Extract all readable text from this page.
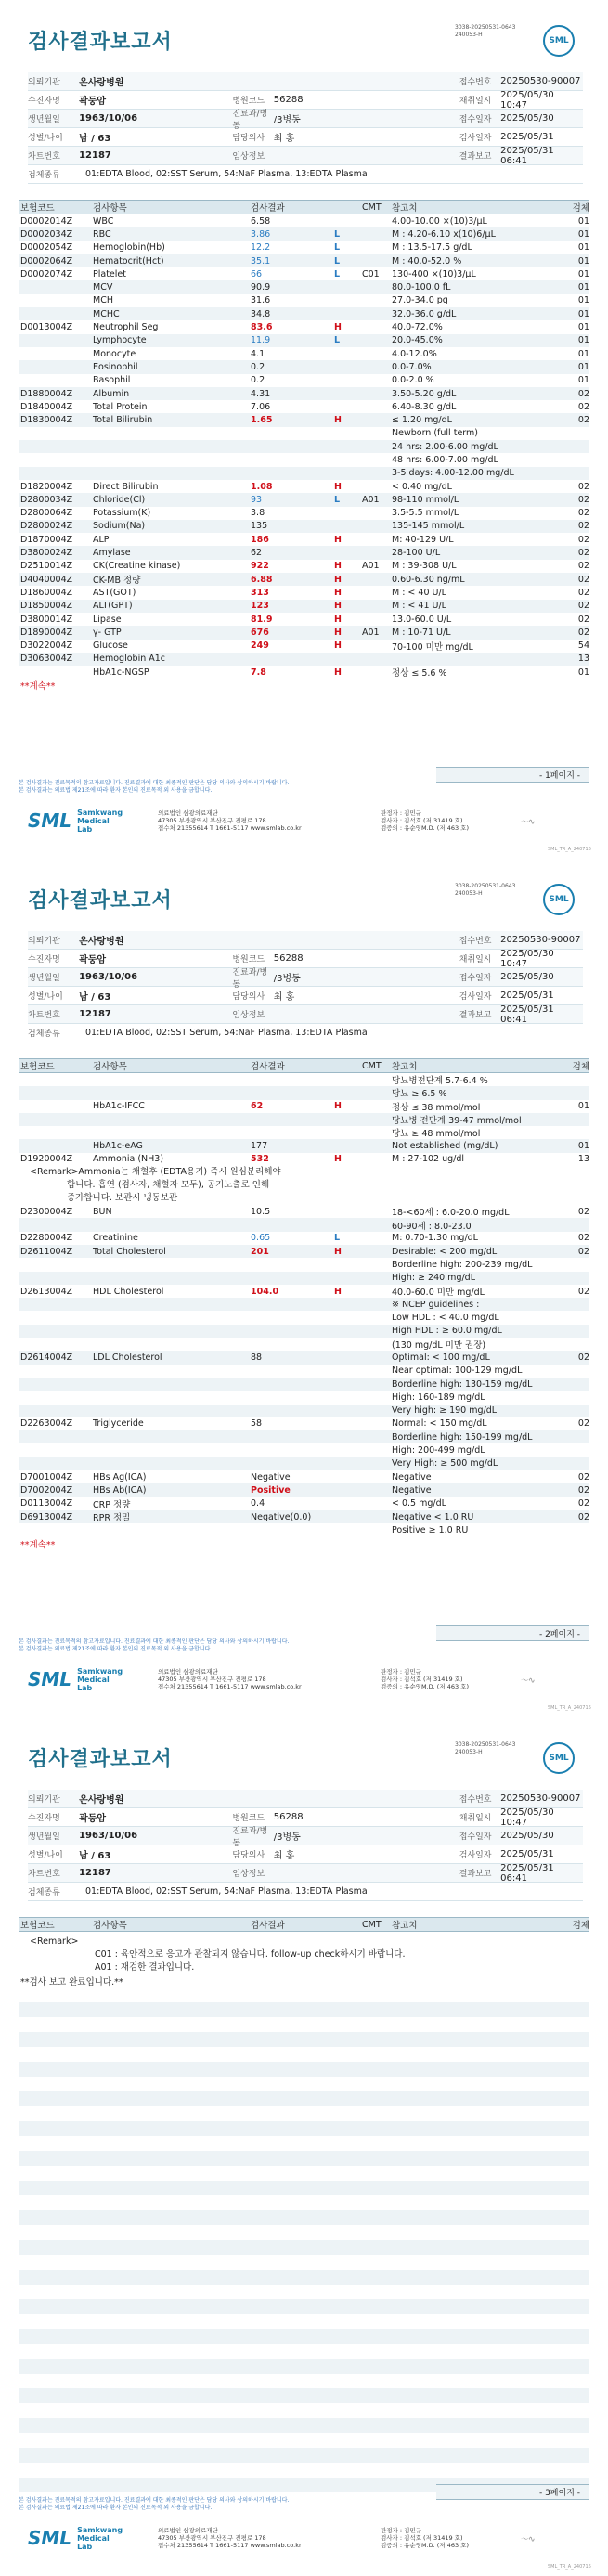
검사결과보고서
3038-20250531-0643
240053-H
SML
의뢰기관	온사랑병원	접수번호 20250530-90007
수진자명	곽둥암	병원코드 56288	채취일시
2025/05/30 10:47
생년월일	1963/10/06	진료과/병동
/3병동	접수일자 2025/05/30
성별/나이	남 / 63	담당의사 최 홍	검사일자 2025/05/31
차트번호	12187	임상정보	결과보고
2025/05/31 06:41
검체종류	01:EDTA Blood, 02:SST Serum, 54:NaF Plasma, 13:EDTA Plasma
보험코드	검사항목	검사결과	CMT	참고치	검체
D0002014Z	WBC	6.58	4.00-10.00 ×(10)3/μL	01
D0002034Z	RBC	3.86	L	M : 4.20-6.10 x(10)6/μL	01
D0002054Z	Hemoglobin(Hb)	12.2	L	M : 13.5-17.5 g/dL	01
D0002064Z	Hematocrit(Hct)	35.1	L	M : 40.0-52.0 %	01
D0002074Z	Platelet	66	L	C01	130-400 ×(10)3/μL	01
MCV	90.9	80.0-100.0 fL	01
MCH	31.6	27.0-34.0 pg	01
MCHC	34.8	32.0-36.0 g/dL	01
D0013004Z	Neutrophil Seg	83.6	H	40.0-72.0%	01
Lymphocyte	11.9	L	20.0-45.0%	01
Monocyte	4.1	4.0-12.0%	01
Eosinophil	0.2	0.0-7.0%	01
Basophil	0.2	0.0-2.0 %	01
D1880004Z	Albumin	4.31	3.50-5.20 g/dL	02
D1840004Z	Total Protein	7.06	6.40-8.30 g/dL	02
D1830004Z	Total Bilirubin	1.65	H	≤ 1.20 mg/dL	02
Newborn (full term)
24 hrs: 2.00-6.00 mg/dL
48 hrs: 6.00-7.00 mg/dL
3-5 days: 4.00-12.00 mg/dL
D1820004Z	Direct Bilirubin	1.08	H	< 0.40 mg/dL	02
D2800034Z	Chloride(Cl)	93	L	A01	98-110 mmol/L	02
D2800064Z	Potassium(K)	3.8	3.5-5.5 mmol/L	02
D2800024Z	Sodium(Na)	135	135-145 mmol/L	02
D1870004Z	ALP	186	H	M: 40-129 U/L	02
D3800024Z	Amylase	62	28-100 U/L	02
D2510014Z	CK(Creatine kinase)	922	H	A01	M : 39-308 U/L	02
D4040004Z	CK-MB 정량	6.88	H	0.60-6.30 ng/mL	02
D1860004Z	AST(GOT)	313	H	M : < 40 U/L	02
D1850004Z	ALT(GPT)	123	H	M : < 41 U/L	02
D3800014Z	Lipase	81.9	H	13.0-60.0 U/L	02
D1890004Z	γ- GTP	676	H	A01	M : 10-71 U/L	02
D3022004Z	Glucose	249	H	70-100 미만 mg/dL	54
D3063004Z	Hemoglobin A1c	13
HbA1c-NGSP	7.8	H	정상 ≤ 5.6 %	01
**계속**
본 검사결과는 진료목적의 참고자료입니다. 진료결과에 대한 최종적인 판단은 담당 의사와 상의하시기 바랍니다.
본 검사결과는 의료법 제21조에 따라 환자 본인의 진료목적 외 사용을 금합니다.
- 1페이지 -
SML Samkwang
Medical Lab
의료법인 삼광의료재단
47305 부산광역시 부산진구 진평로 178
접수처 21355614 T 1661-5117 www.smlab.co.kr
판정자 : 김민규
검사자 : 김석호 (저 31419 호)
검증의 : 유순영M.D. (저 463 호)
～∿
SML_TR_A_240716
검사결과보고서
3038-20250531-0643
240053-H
SML
의뢰기관	온사랑병원	접수번호 20250530-90007
수진자명	곽둥암	병원코드 56288	채취일시
2025/05/30 10:47
생년월일	1963/10/06	진료과/병동
/3병동	접수일자 2025/05/30
성별/나이	남 / 63	담당의사 최 홍	검사일자 2025/05/31
차트번호	12187	임상정보	결과보고
2025/05/31 06:41
검체종류	01:EDTA Blood, 02:SST Serum, 54:NaF Plasma, 13:EDTA Plasma
보험코드	검사항목	검사결과	CMT	참고치	검체
당뇨병전단계 5.7-6.4 %
당뇨 ≥ 6.5 %
HbA1c-IFCC	62	H	정상 ≤ 38 mmol/mol	01
당뇨병 전단계 39-47 mmol/mol
당뇨 ≥ 48 mmol/mol
HbA1c-eAG	177	Not established (mg/dL)	01
D1920004Z	Ammonia (NH3)	532	H	M : 27-102 ug/dl	13
<Remark>Ammonia는 채혈후 (EDTA용기) 즉시 원심분리해야
합니다. 흡연 (검사자, 채혈자 모두), 공기노출로 인해
증가합니다. 보관시 냉동보관
D2300004Z	BUN	10.5	18-<60세 : 6.0-20.0 mg/dL	02
60-90세 : 8.0-23.0
D2280004Z	Creatinine	0.65	L	M: 0.70-1.30 mg/dL	02
D2611004Z	Total Cholesterol	201	H	Desirable: < 200 mg/dL	02
Borderline high: 200-239 mg/dL
High: ≥ 240 mg/dL
D2613004Z	HDL Cholesterol	104.0	H	40.0-60.0 미만 mg/dL	02
※ NCEP guidelines :
Low HDL : < 40.0 mg/dL
High HDL : ≥ 60.0 mg/dL
(130 mg/dL 미만 권장)
D2614004Z	LDL Cholesterol	88	Optimal: < 100 mg/dL	02
Near optimal: 100-129 mg/dL
Borderline high: 130-159 mg/dL
High: 160-189 mg/dL
Very high: ≥ 190 mg/dL
D2263004Z	Triglyceride	58	Normal: < 150 mg/dL	02
Borderline high: 150-199 mg/dL
High: 200-499 mg/dL
Very High: ≥ 500 mg/dL
D7001004Z	HBs Ag(ICA)	Negative	Negative	02
D7002004Z	HBs Ab(ICA)	Positive	Negative	02
D0113004Z	CRP 정량	0.4	< 0.5 mg/dL	02
D6913004Z	RPR 정밀	Negative(0.0)	Negative < 1.0 RU	02
Positive ≥ 1.0 RU
**계속**
본 검사결과는 진료목적의 참고자료입니다. 진료결과에 대한 최종적인 판단은 담당 의사와 상의하시기 바랍니다.
본 검사결과는 의료법 제21조에 따라 환자 본인의 진료목적 외 사용을 금합니다.
- 2페이지 -
SML Samkwang
Medical Lab
의료법인 삼광의료재단
47305 부산광역시 부산진구 진평로 178
접수처 21355614 T 1661-5117 www.smlab.co.kr
판정자 : 김민규
검사자 : 김석호 (저 31419 호)
검증의 : 유순영M.D. (저 463 호)
～∿
SML_TR_A_240716
검사결과보고서
3038-20250531-0643
240053-H
SML
의뢰기관	온사랑병원	접수번호 20250530-90007
수진자명	곽둥암	병원코드 56288	채취일시
2025/05/30 10:47
생년월일	1963/10/06	진료과/병동
/3병동	접수일자 2025/05/30
성별/나이	남 / 63	담당의사 최 홍	검사일자 2025/05/31
차트번호	12187	임상정보	결과보고
2025/05/31 06:41
검체종류	01:EDTA Blood, 02:SST Serum, 54:NaF Plasma, 13:EDTA Plasma
보험코드	검사항목	검사결과	CMT	참고치	검체
<Remark>
C01 : 육안적으로 응고가 관찰되지 않습니다. follow-up check하시기 바랍니다.
A01 : 재검한 결과입니다.
**검사 보고 완료입니다.**
본 검사결과는 진료목적의 참고자료입니다. 진료결과에 대한 최종적인 판단은 담당 의사와 상의하시기 바랍니다.
본 검사결과는 의료법 제21조에 따라 환자 본인의 진료목적 외 사용을 금합니다.
- 3페이지 -
SML Samkwang
Medical Lab
의료법인 삼광의료재단
47305 부산광역시 부산진구 진평로 178
접수처 21355614 T 1661-5117 www.smlab.co.kr
판정자 : 김민규
검사자 : 김석호 (저 31419 호)
검증의 : 유순영M.D. (저 463 호)
～∿
SML_TR_A_240716
